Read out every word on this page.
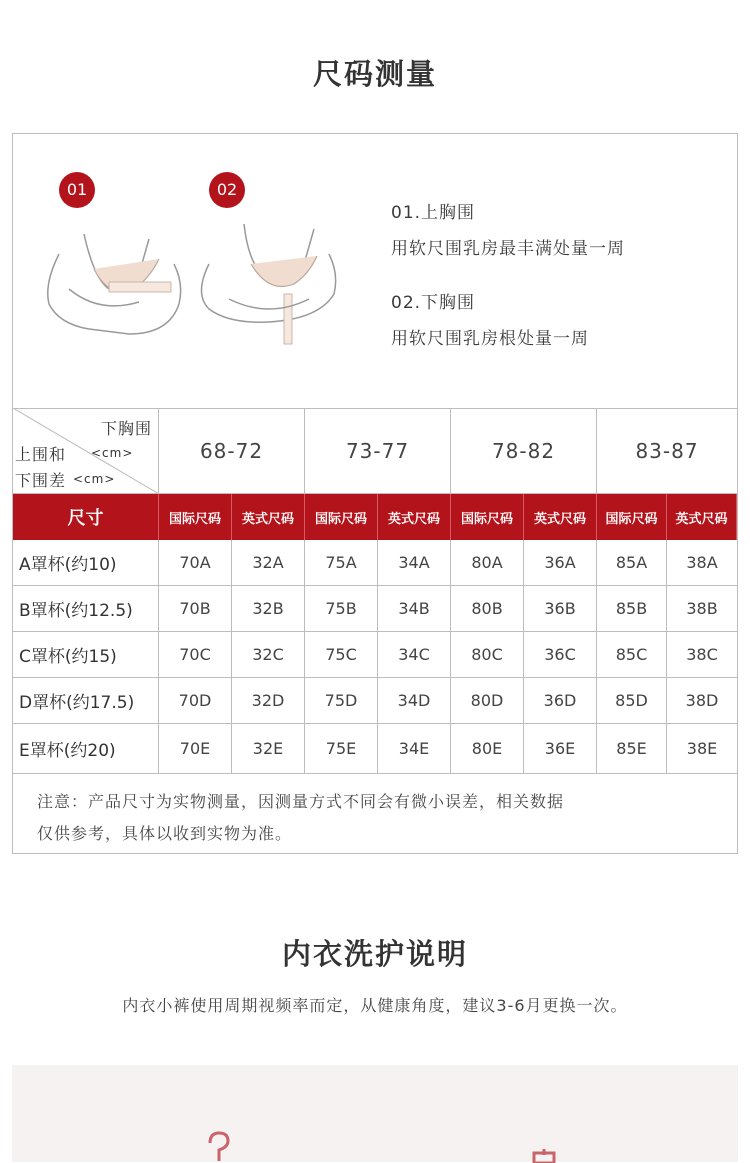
尺码测量
01	02
01.上胸围
用软尺围乳房最丰满处量一周
02.下胸围
用软尺围乳房根处量一周
下胸围
上围和 <cm>
下围差 <cm>
68-72	73-77	78-82	83-87
尺寸	国际尺码	英式尺码	国际尺码	英式尺码	国际尺码	英式尺码	国际尺码	英式尺码
A罩杯(约10)	70A	32A	75A	34A	80A	36A	85A	38A
B罩杯(约12.5)	70B	32B	75B	34B	80B	36B	85B	38B
C罩杯(约15)	70C	32C	75C	34C	80C	36C	85C	38C
D罩杯(约17.5)	70D	32D	75D	34D	80D	36D	85D	38D
E罩杯(约20)	70E	32E	75E	34E	80E	36E	85E	38E
注意：产品尺寸为实物测量，因测量方式不同会有微小误差，相关数据
仅供参考，具体以收到实物为准。
内衣洗护说明
内衣小裤使用周期视频率而定，从健康角度，建议3-6月更换一次。
